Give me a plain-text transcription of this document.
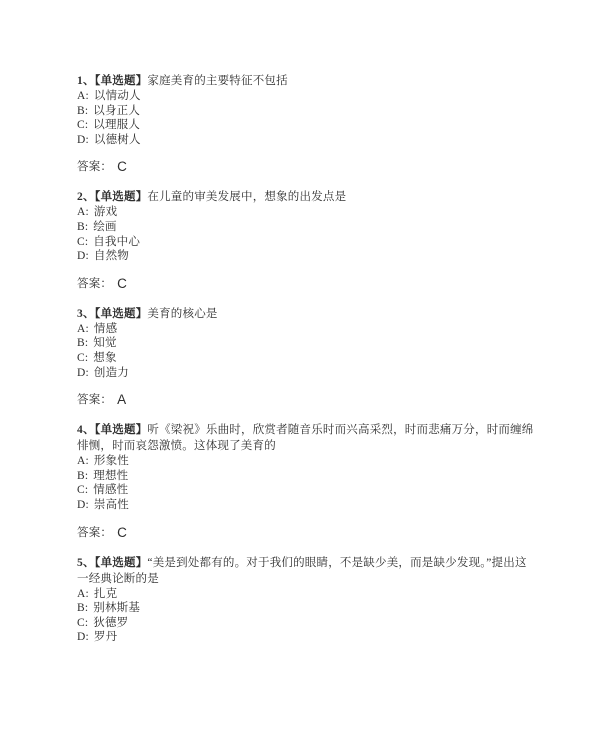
1、【单选题】家庭美育的主要特征不包括

A: 以情动人
B: 以身正人
C: 以理服人
D: 以德树人

答案： C

2、【单选题】在儿童的审美发展中，想象的出发点是

A: 游戏
B: 绘画
C: 自我中心
D: 自然物

答案： C

3、【单选题】美育的核心是

A: 情感
B: 知觉
C: 想象
D: 创造力

答案： A

4、【单选题】听《梁祝》乐曲时，欣赏者随音乐时而兴高采烈，时而悲痛万分，时而缠绵悱恻，时而哀怨激愤。这体现了美育的

A: 形象性
B: 理想性
C: 情感性
D: 崇高性

答案： C

5、【单选题】“美是到处都有的。对于我们的眼睛，不是缺少美，而是缺少发现。”提出这一经典论断的是

A: 扎克
B: 别林斯基
C: 狄德罗
D: 罗丹
